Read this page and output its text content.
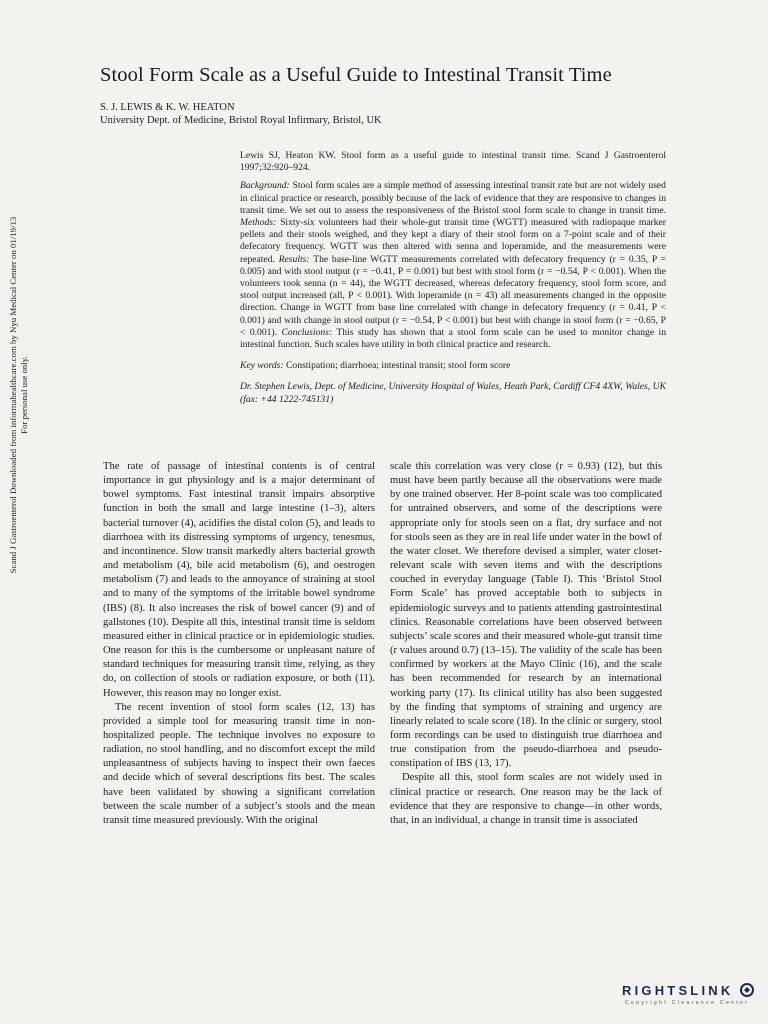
Stool Form Scale as a Useful Guide to Intestinal Transit Time
S. J. LEWIS & K. W. HEATON
University Dept. of Medicine, Bristol Royal Infirmary, Bristol, UK

Lewis SJ, Heaton KW. Stool form as a useful guide to intestinal transit time. Scand J Gastroenterol 1997;32:920–924.

Background: Stool form scales are a simple method of assessing intestinal transit rate but are not widely used in clinical practice or research, possibly because of the lack of evidence that they are responsive to changes in transit time. We set out to assess the responsiveness of the Bristol stool form scale to change in transit time. Methods: Sixty-six volunteers had their whole-gut transit time (WGTT) measured with radiopaque marker pellets and their stools weighed, and they kept a diary of their stool form on a 7-point scale and of their defecatory frequency. WGTT was then altered with senna and loperamide, and the measurements were repeated. Results: The base-line WGTT measurements correlated with defecatory frequency (r = 0.35, P = 0.005) and with stool output (r = −0.41, P = 0.001) but best with stool form (r = −0.54, P < 0.001). When the volunteers took senna (n = 44), the WGTT decreased, whereas defecatory frequency, stool form score, and stool output increased (all, P < 0.001). With loperamide (n = 43) all measurements changed in the opposite direction. Change in WGTT from base line correlated with change in defecatory frequency (r = 0.41, P < 0.001) and with change in stool output (r = −0.54, P < 0.001) but best with change in stool form (r = −0.65, P < 0.001). Conclusions: This study has shown that a stool form scale can be used to monitor change in intestinal function. Such scales have utility in both clinical practice and research.

Key words: Constipation; diarrhoea; intestinal transit; stool form score

Dr. Stephen Lewis, Dept. of Medicine, University Hospital of Wales, Heath Park, Cardiff CF4 4XW, Wales, UK (fax: +44 1222-745131)

The rate of passage of intestinal contents is of central importance in gut physiology and is a major determinant of bowel symptoms. Fast intestinal transit impairs absorptive function in both the small and large intestine (1–3), alters bacterial turnover (4), acidifies the distal colon (5), and leads to diarrhoea with its distressing symptoms of urgency, tenesmus, and incontinence. Slow transit markedly alters bacterial growth and metabolism (4), bile acid metabolism (6), and oestrogen metabolism (7) and leads to the annoyance of straining at stool and to many of the symptoms of the irritable bowel syndrome (IBS) (8). It also increases the risk of bowel cancer (9) and of gallstones (10). Despite all this, intestinal transit time is seldom measured either in clinical practice or in epidemiologic studies. One reason for this is the cumbersome or unpleasant nature of standard techniques for measuring transit time, relying, as they do, on collection of stools or radiation exposure, or both (11). However, this reason may no longer exist.

The recent invention of stool form scales (12, 13) has provided a simple tool for measuring transit time in non-hospitalized people. The technique involves no exposure to radiation, no stool handling, and no discomfort except the mild unpleasantness of subjects having to inspect their own faeces and decide which of several descriptions fits best. The scales have been validated by showing a significant correlation between the scale number of a subject’s stools and the mean transit time measured previously. With the original

scale this correlation was very close (r = 0.93) (12), but this must have been partly because all the observations were made by one trained observer. Her 8-point scale was too complicated for untrained observers, and some of the descriptions were appropriate only for stools seen on a flat, dry surface and not for stools seen as they are in real life under water in the bowl of the water closet. We therefore devised a simpler, water closet-relevant scale with seven items and with the descriptions couched in everyday language (Table I). This ‘Bristol Stool Form Scale’ has proved acceptable both to subjects in epidemiologic surveys and to patients attending gastrointestinal clinics. Reasonable correlations have been observed between subjects’ scale scores and their measured whole-gut transit time (r values around 0.7) (13–15). The validity of the scale has been confirmed by workers at the Mayo Clinic (16), and the scale has been recommended for research by an international working party (17). Its clinical utility has also been suggested by the finding that symptoms of straining and urgency are linearly related to scale score (18). In the clinic or surgery, stool form recordings can be used to distinguish true diarrhoea and true constipation from the pseudo-diarrhoea and pseudo-constipation of IBS (13, 17).

Despite all this, stool form scales are not widely used in clinical practice or research. One reason may be the lack of evidence that they are responsive to change—in other words, that, in an individual, a change in transit time is associated

Scand J Gastroenterol Downloaded from informahealthcare.com by Nyu Medical Center on 01/19/13 For personal use only.
RIGHTSLINK
Copyright Clearance Center
